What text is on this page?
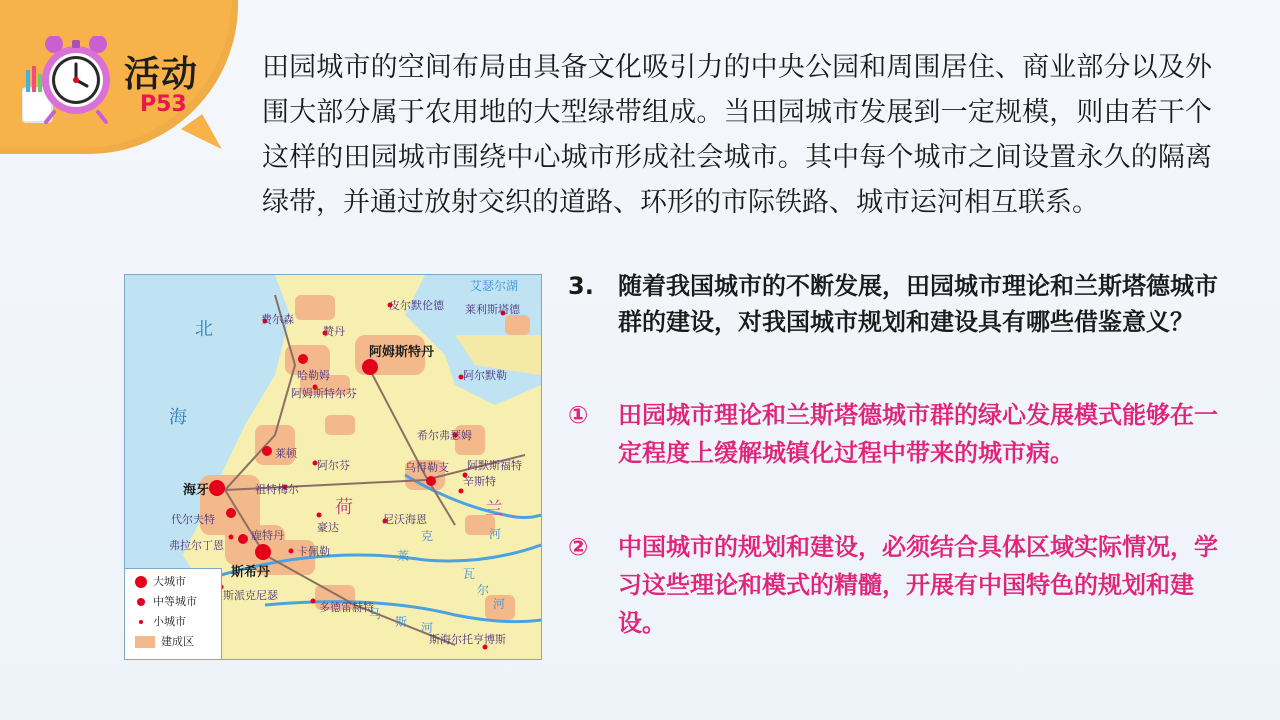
活动

P53

田园城市的空间布局由具备文化吸引力的中央公园和周围居住、商业部分以及外围大部分属于农用地的大型绿带组成。当田园城市发展到一定规模，则由若干个这样的田园城市围绕中心城市形成社会城市。其中每个城市之间设置永久的隔离绿带，并通过放射交织的道路、环形的市际铁路、城市运河相互联系。

北
海
荷	兰
艾瑟尔湖
莱
克	河
瓦
尔
河
马
斯 河
阿姆斯特丹
海牙
斯希丹
哈勒姆
莱顿
乌得勒支
代尔夫特
鹿特丹
皮尔默伦德 莱利斯塔德
费尔森
赞丹
阿姆斯特尔芬
阿尔默勒
希尔弗瑟姆
阿尔芬	阿默斯福特
辛斯特
祖特梅尔
豪达
尼沃海恩
弗拉尔丁恩	卡佩勒
斯派克尼瑟
多德雷赫特
斯海尔托亨博斯
大城市
中等城市
小城市
建成区

3. 随着我国城市的不断发展，田园城市理论和兰斯塔德城市群的建设，对我国城市规划和建设具有哪些借鉴意义？

① 田园城市理论和兰斯塔德城市群的绿心发展模式能够在一定程度上缓解城镇化过程中带来的城市病。

② 中国城市的规划和建设，必须结合具体区域实际情况，学习这些理论和模式的精髓，开展有中国特色的规划和建设。
